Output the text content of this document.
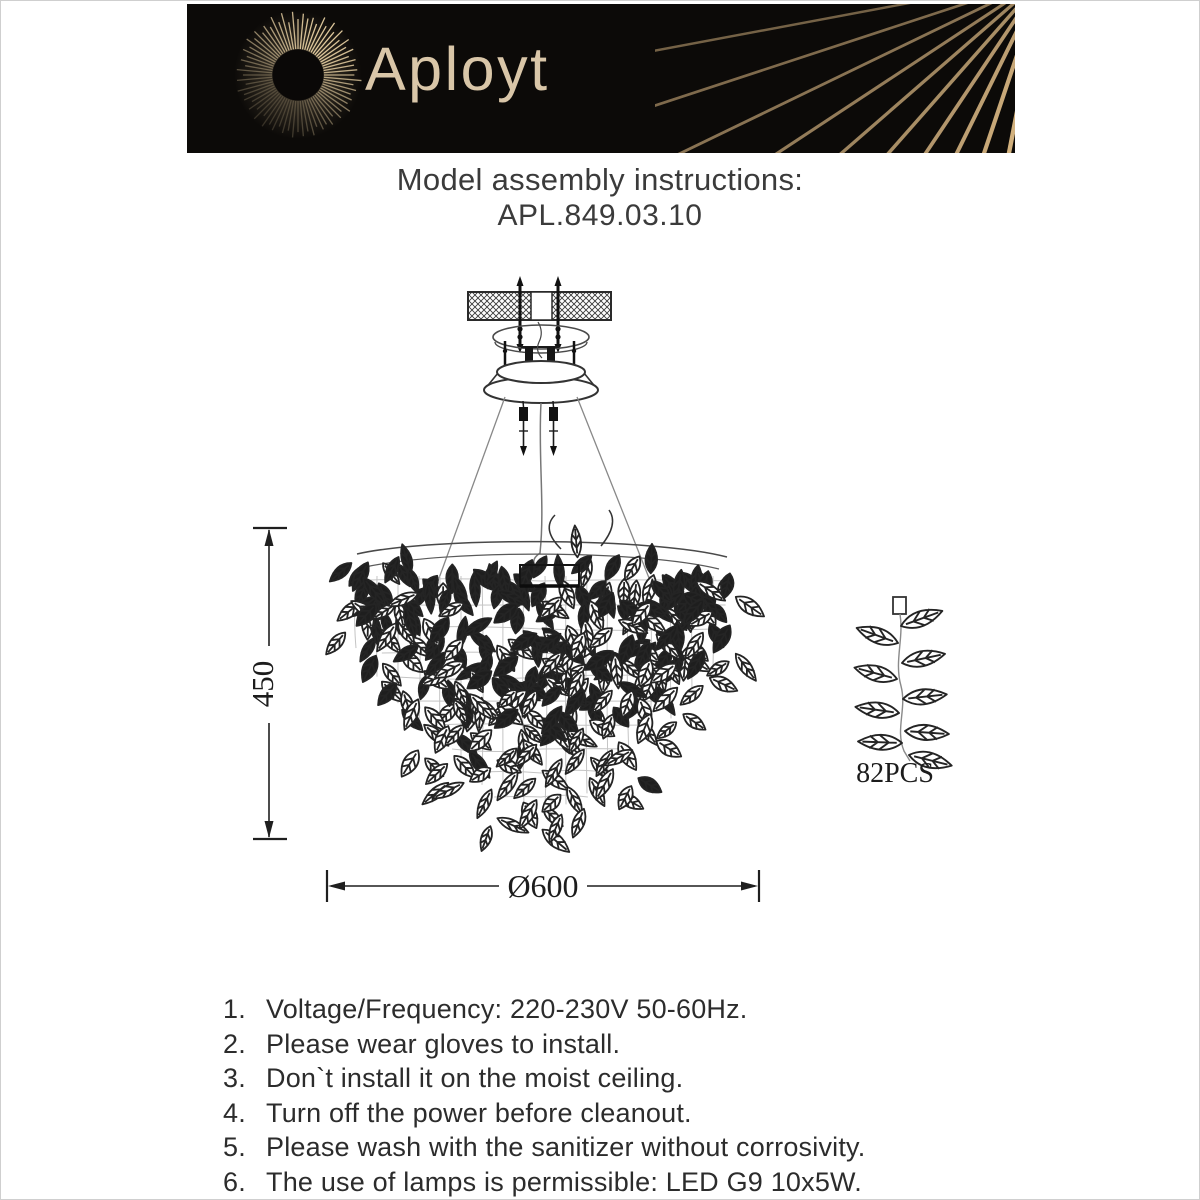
Aployt
Model assembly instructions:
APL.849.03.10
450
Ø600
82PCS
1. Voltage/Frequency: 220-230V 50-60Hz.
2. Please wear gloves to install.
3. Don`t install it on the moist ceiling.
4. Turn off the power before cleanout.
5. Please wash with the sanitizer without corrosivity.
6. The use of lamps is permissible: LED G9 10x5W.
